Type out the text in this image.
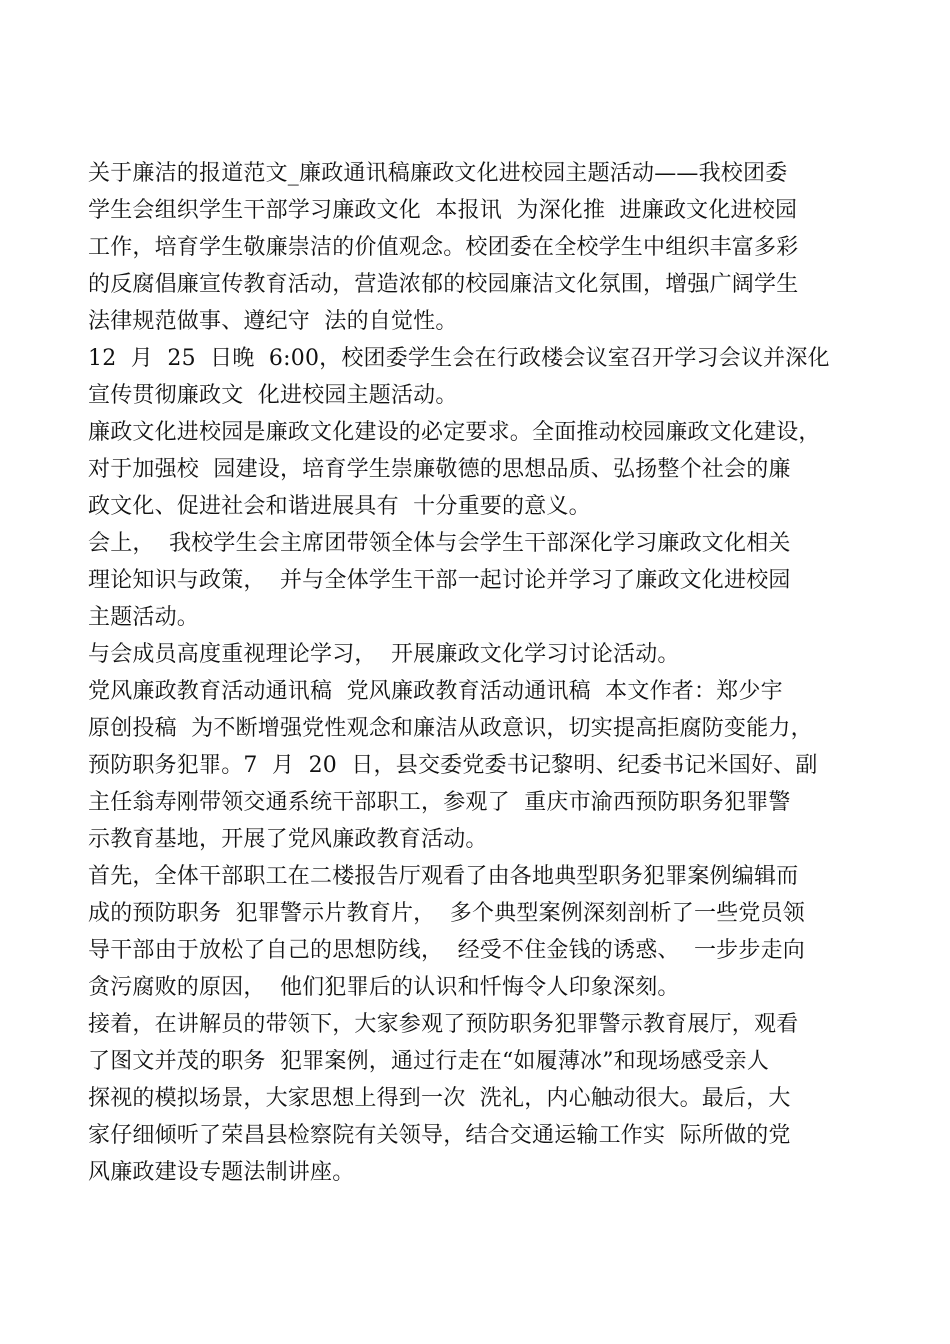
关于廉洁的报道范文_廉政通讯稿廉政文化进校园主题活动——我校团委
学生会组织学生干部学习廉政文化  本报讯  为深化推  进廉政文化进校园
工作，培育学生敬廉崇洁的价值观念。校团委在全校学生中组织丰富多彩
的反腐倡廉宣传教育活动，营造浓郁的校园廉洁文化氛围，增强广阔学生
法律规范做事、遵纪守  法的自觉性。
12  月  25  日晚  6:00，校团委学生会在行政楼会议室召开学习会议并深化
宣传贯彻廉政文  化进校园主题活动。
廉政文化进校园是廉政文化建设的必定要求。全面推动校园廉政文化建设，
对于加强校  园建设，培育学生崇廉敬德的思想品质、弘扬整个社会的廉
政文化、促进社会和谐进展具有  十分重要的意义。
会上，  我校学生会主席团带领全体与会学生干部深化学习廉政文化相关
理论知识与政策，  并与全体学生干部一起讨论并学习了廉政文化进校园
主题活动。
与会成员高度重视理论学习，  开展廉政文化学习讨论活动。
党风廉政教育活动通讯稿  党风廉政教育活动通讯稿  本文作者：郑少宇
原创投稿  为不断增强党性观念和廉洁从政意识，切实提高拒腐防变能力，
预防职务犯罪。7  月  20  日，县交委党委书记黎明、纪委书记米国好、副
主任翁寿刚带领交通系统干部职工，参观了  重庆市渝西预防职务犯罪警
示教育基地，开展了党风廉政教育活动。
首先，全体干部职工在二楼报告厅观看了由各地典型职务犯罪案例编辑而
成的预防职务  犯罪警示片教育片，  多个典型案例深刻剖析了一些党员领
导干部由于放松了自己的思想防线，  经受不住金钱的诱惑、  一步步走向
贪污腐败的原因，  他们犯罪后的认识和忏悔令人印象深刻。
接着，在讲解员的带领下，大家参观了预防职务犯罪警示教育展厅，观看
了图文并茂的职务  犯罪案例，通过行走在“如履薄冰”和现场感受亲人
探视的模拟场景，大家思想上得到一次  洗礼，内心触动很大。最后，大
家仔细倾听了荣昌县检察院有关领导，结合交通运输工作实  际所做的党
风廉政建设专题法制讲座。
